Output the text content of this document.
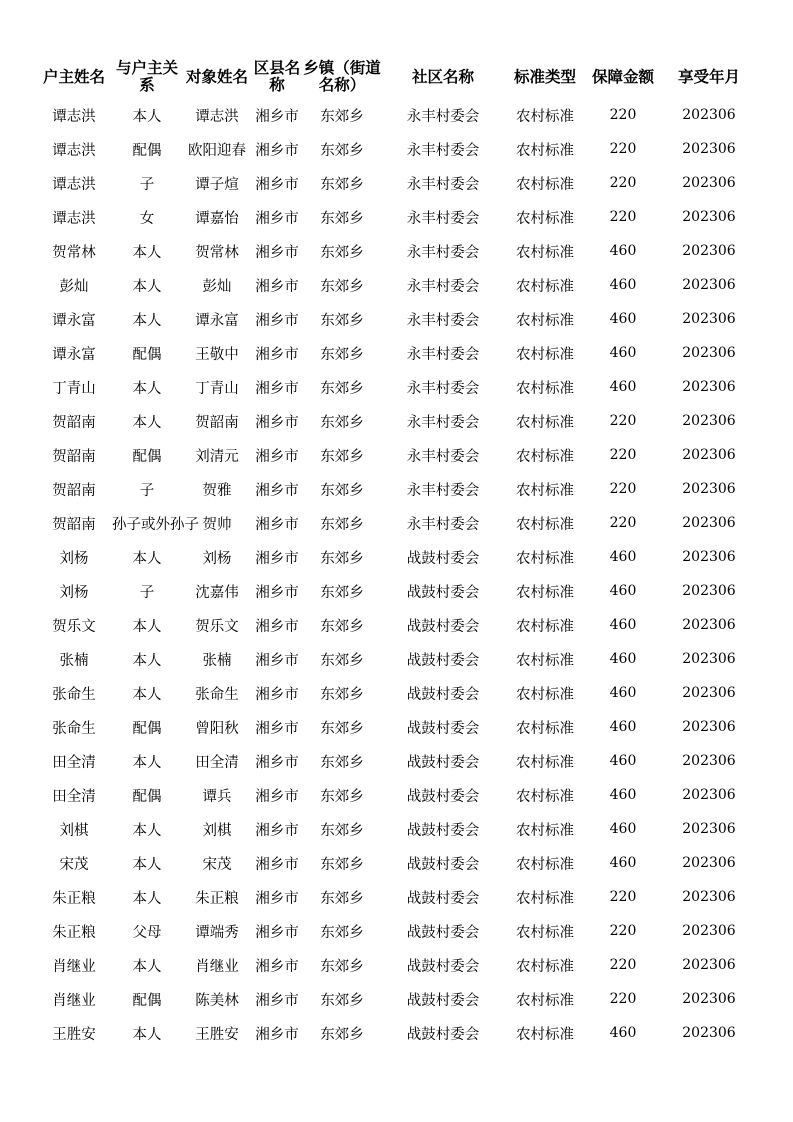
户主姓名	与户主关系	对象姓名	区县名称	乡镇（街道名称）	社区名称	标准类型	保障金额	享受年月
谭志洪	本人	谭志洪	湘乡市	东郊乡	永丰村委会	农村标准	220	202306
谭志洪	配偶	欧阳迎春	湘乡市	东郊乡	永丰村委会	农村标准	220	202306
谭志洪	子	谭子煊	湘乡市	东郊乡	永丰村委会	农村标准	220	202306
谭志洪	女	谭嘉怡	湘乡市	东郊乡	永丰村委会	农村标准	220	202306
贺常林	本人	贺常林	湘乡市	东郊乡	永丰村委会	农村标准	460	202306
彭灿	本人	彭灿	湘乡市	东郊乡	永丰村委会	农村标准	460	202306
谭永富	本人	谭永富	湘乡市	东郊乡	永丰村委会	农村标准	460	202306
谭永富	配偶	王敬中	湘乡市	东郊乡	永丰村委会	农村标准	460	202306
丁青山	本人	丁青山	湘乡市	东郊乡	永丰村委会	农村标准	460	202306
贺韶南	本人	贺韶南	湘乡市	东郊乡	永丰村委会	农村标准	220	202306
贺韶南	配偶	刘清元	湘乡市	东郊乡	永丰村委会	农村标准	220	202306
贺韶南	子	贺雅	湘乡市	东郊乡	永丰村委会	农村标准	220	202306
贺韶南	孙子或外孙子	贺帅	湘乡市	东郊乡	永丰村委会	农村标准	220	202306
刘杨	本人	刘杨	湘乡市	东郊乡	战鼓村委会	农村标准	460	202306
刘杨	子	沈嘉伟	湘乡市	东郊乡	战鼓村委会	农村标准	460	202306
贺乐文	本人	贺乐文	湘乡市	东郊乡	战鼓村委会	农村标准	460	202306
张楠	本人	张楠	湘乡市	东郊乡	战鼓村委会	农村标准	460	202306
张命生	本人	张命生	湘乡市	东郊乡	战鼓村委会	农村标准	460	202306
张命生	配偶	曾阳秋	湘乡市	东郊乡	战鼓村委会	农村标准	460	202306
田全清	本人	田全清	湘乡市	东郊乡	战鼓村委会	农村标准	460	202306
田全清	配偶	谭兵	湘乡市	东郊乡	战鼓村委会	农村标准	460	202306
刘棋	本人	刘棋	湘乡市	东郊乡	战鼓村委会	农村标准	460	202306
宋茂	本人	宋茂	湘乡市	东郊乡	战鼓村委会	农村标准	460	202306
朱正粮	本人	朱正粮	湘乡市	东郊乡	战鼓村委会	农村标准	220	202306
朱正粮	父母	谭端秀	湘乡市	东郊乡	战鼓村委会	农村标准	220	202306
肖继业	本人	肖继业	湘乡市	东郊乡	战鼓村委会	农村标准	220	202306
肖继业	配偶	陈美林	湘乡市	东郊乡	战鼓村委会	农村标准	220	202306
王胜安	本人	王胜安	湘乡市	东郊乡	战鼓村委会	农村标准	460	202306
